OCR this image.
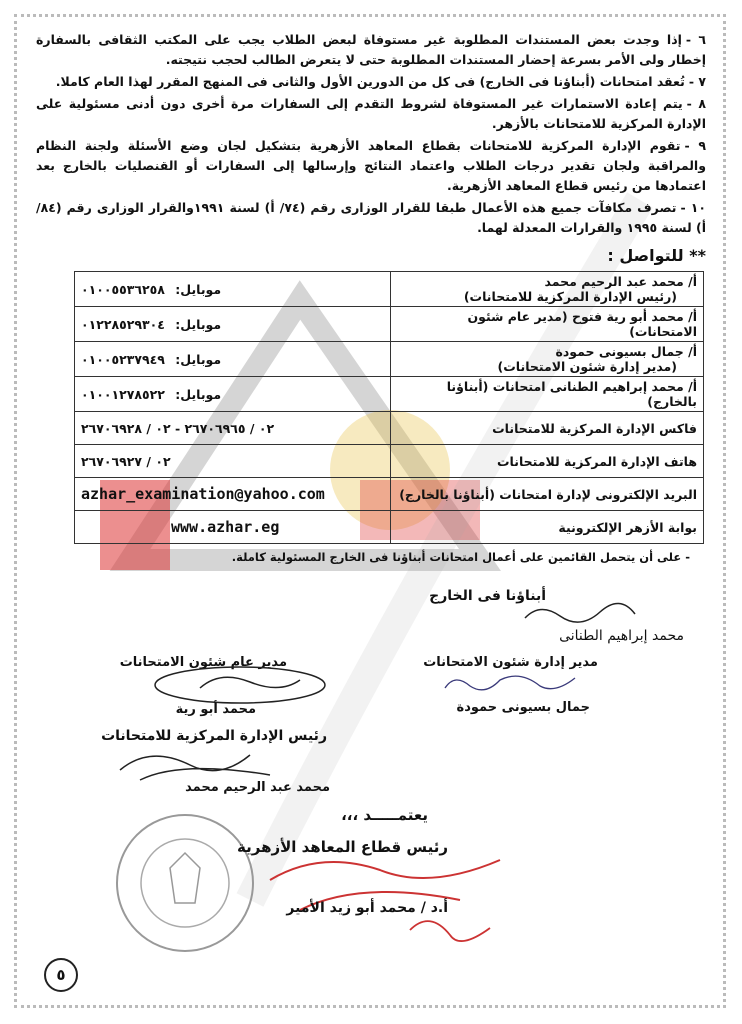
٦ -إذا وجدت بعض المستندات المطلوبة غير مستوفاة لبعض الطلاب يجب على المكتب الثقافى بالسفارة إخطار ولى الأمر بسرعة إحضار المستندات المطلوبة حتى لا يتعرض الطالب لحجب نتيجته.
٧ -تُعقد امتحانات (أبناؤنا فى الخارج) فى كل من الدورين الأول والثانى فى المنهج المقرر لهذا العام كاملا.
٨ -يتم إعادة الاستمارات غير المستوفاة لشروط التقدم إلى السفارات مرة أخرى دون أدنى مسئولية على الإدارة المركزية للامتحانات بالأزهر.
٩ -تقوم الإدارة المركزية للامتحانات بقطاع المعاهد الأزهرية بتشكيل لجان وضع الأسئلة ولجنة النظام والمراقبة ولجان تقدير درجات الطلاب واعتماد النتائج وإرسالها إلى السفارات أو القنصليات بالخارج بعد اعتمادها من رئيس قطاع المعاهد الأزهرية.
١٠ -تصرف مكافآت جميع هذه الأعمال طبقا للقرار الوزارى رقم (٧٤/ أ) لسنة ١٩٩١والقرار الوزارى رقم (٨٤/ أ) لسنة ١٩٩٥ والقرارات المعدلة لهما.
** للتواصل :
أ/ محمد عبد الرحيم محمد
(رئيس الإدارة المركزية للامتحانات)	٠١٠٠٥٥٣٦٢٥٨ موبايل:
أ/ محمد أبو رية فتوح (مدير عام شئون الامتحانات)	٠١٢٢٨٥٢٩٣٠٤ موبايل:
أ/ جمال بسيونى حمودة
(مدير إدارة شئون الامتحانات)	٠١٠٠٥٢٣٧٩٤٩ موبايل:
أ/ محمد إبراهيم الطنانى امتحانات (أبناؤنا بالخارج)	٠١٠٠١٢٧٨٥٢٢ موبايل:
فاكس الإدارة المركزية للامتحانات	٠٢ / ٢٦٧٠٦٩٦٥ - ٠٢ / ٢٦٧٠٦٩٢٨
هاتف الإدارة المركزية للامتحانات	٠٢ / ٢٦٧٠٦٩٢٧
البريد الإلكترونى لإدارة امتحانات (أبناؤنا بالخارج)	azhar_examination@yahoo.com
بوابة الأزهر الإلكترونية	www.azhar.eg
- على أن يتحمل القائمين على أعمال امتحانات أبناؤنا فى الخارج المسئولية كاملة.
أبناؤنا فى الخارج
محمد إبراهيم الطنانى
مدير إدارة شئون الامتحانات
جمال بسيونى حمودة
مدير عام شئون الامتحانات
محمد أبو رية
رئيس الإدارة المركزية للامتحانات
محمد عبد الرحيم محمد
يعتمـــــد ،،،
رئيس قطاع المعاهد الأزهرية
أ.د / محمد أبو زيد الأمير
٥
